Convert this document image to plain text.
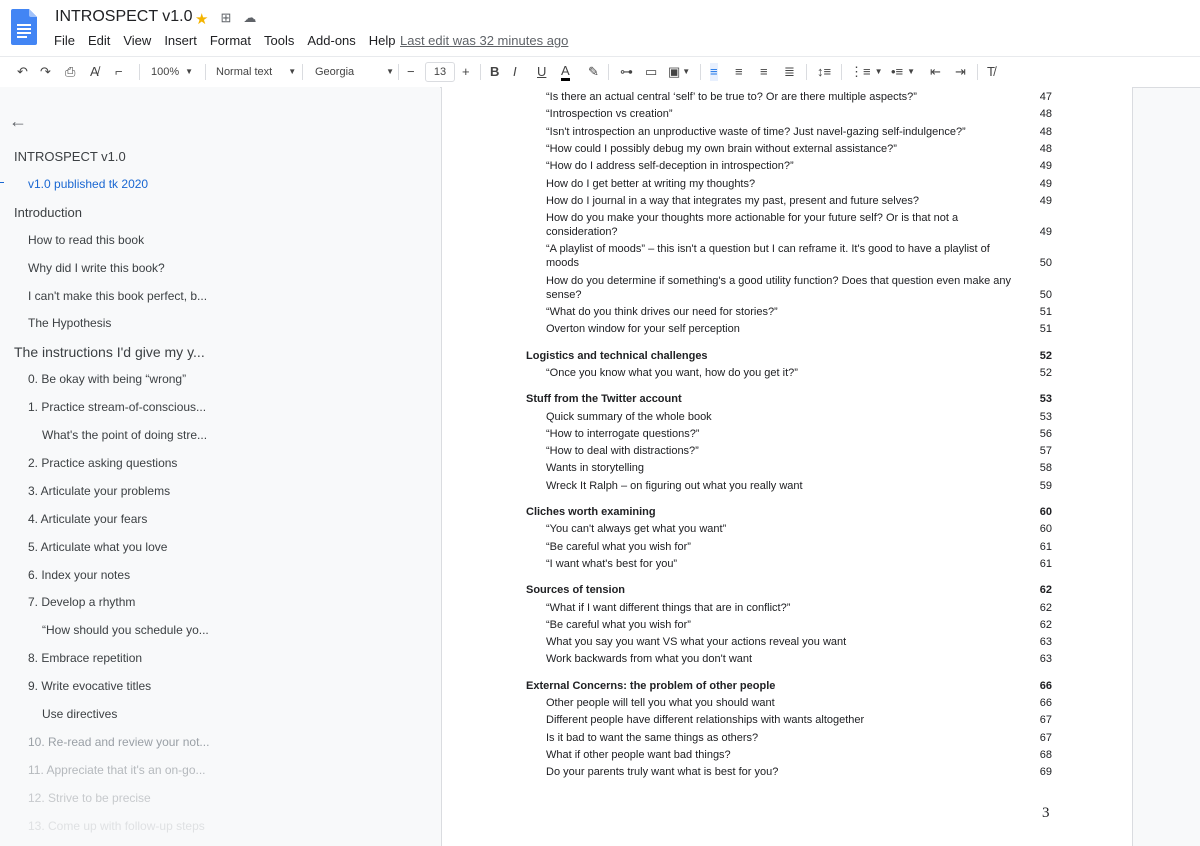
INTROSPECT v1.0 ★ ⊞ ☁
File Edit View Insert Format Tools Add-ons Help Last edit was 32 minutes ago
↶ ↷ ⎙ A̸ ⌐	100% ▼ Normal text ▼ Georgia	▼ −	13	+ B I U A ✎ ⊶ ▭ ▣ ▼ ≡ ≡ ≡ ≣ ↕≡ ⋮≡ ▼ •≡ ▼ ⇤ ⇥ T̸
←
INTROSPECT v1.0
v1.0 published tk 2020
Introduction
How to read this book
Why did I write this book?
I can't make this book perfect, b...
The Hypothesis
The instructions I'd give my y...
0. Be okay with being “wrong”
1. Practice stream-of-conscious...
What's the point of doing stre...
2. Practice asking questions
3. Articulate your problems
4. Articulate your fears
5. Articulate what you love
6. Index your notes
7. Develop a rhythm
“How should you schedule yo...
8. Embrace repetition
9. Write evocative titles
Use directives
10. Re-read and review your not...
11. Appreciate that it's an on-go...
12. Strive to be precise
13. Come up with follow-up steps
“Is there an actual central ‘self’ to be true to? Or are there multiple aspects?”	47
“Introspection vs creation”	48
“Isn't introspection an unproductive waste of time? Just navel-gazing self-indulgence?”	48
“How could I possibly debug my own brain without external assistance?”	48
“How do I address self-deception in introspection?”	49
How do I get better at writing my thoughts?	49
How do I journal in a way that integrates my past, present and future selves?	49
How do you make your thoughts more actionable for your future self? Or is that not a
consideration?	49
“A playlist of moods” – this isn't a question but I can reframe it. It's good to have a playlist of
moods	50
How do you determine if something's a good utility function? Does that question even make any
sense?	50
“What do you think drives our need for stories?”	51
Overton window for your self perception	51
Logistics and technical challenges	52
“Once you know what you want, how do you get it?”	52
Stuff from the Twitter account	53
Quick summary of the whole book	53
“How to interrogate questions?”	56
“How to deal with distractions?”	57
Wants in storytelling	58
Wreck It Ralph – on figuring out what you really want	59
Cliches worth examining	60
“You can't always get what you want”	60
“Be careful what you wish for”	61
“I want what's best for you”	61
Sources of tension	62
“What if I want different things that are in conflict?”	62
“Be careful what you wish for”	62
What you say you want VS what your actions reveal you want	63
Work backwards from what you don't want	63
External Concerns: the problem of other people	66
Other people will tell you what you should want	66
Different people have different relationships with wants altogether	67
Is it bad to want the same things as others?	67
What if other people want bad things?	68
Do your parents truly want what is best for you?	69
3
